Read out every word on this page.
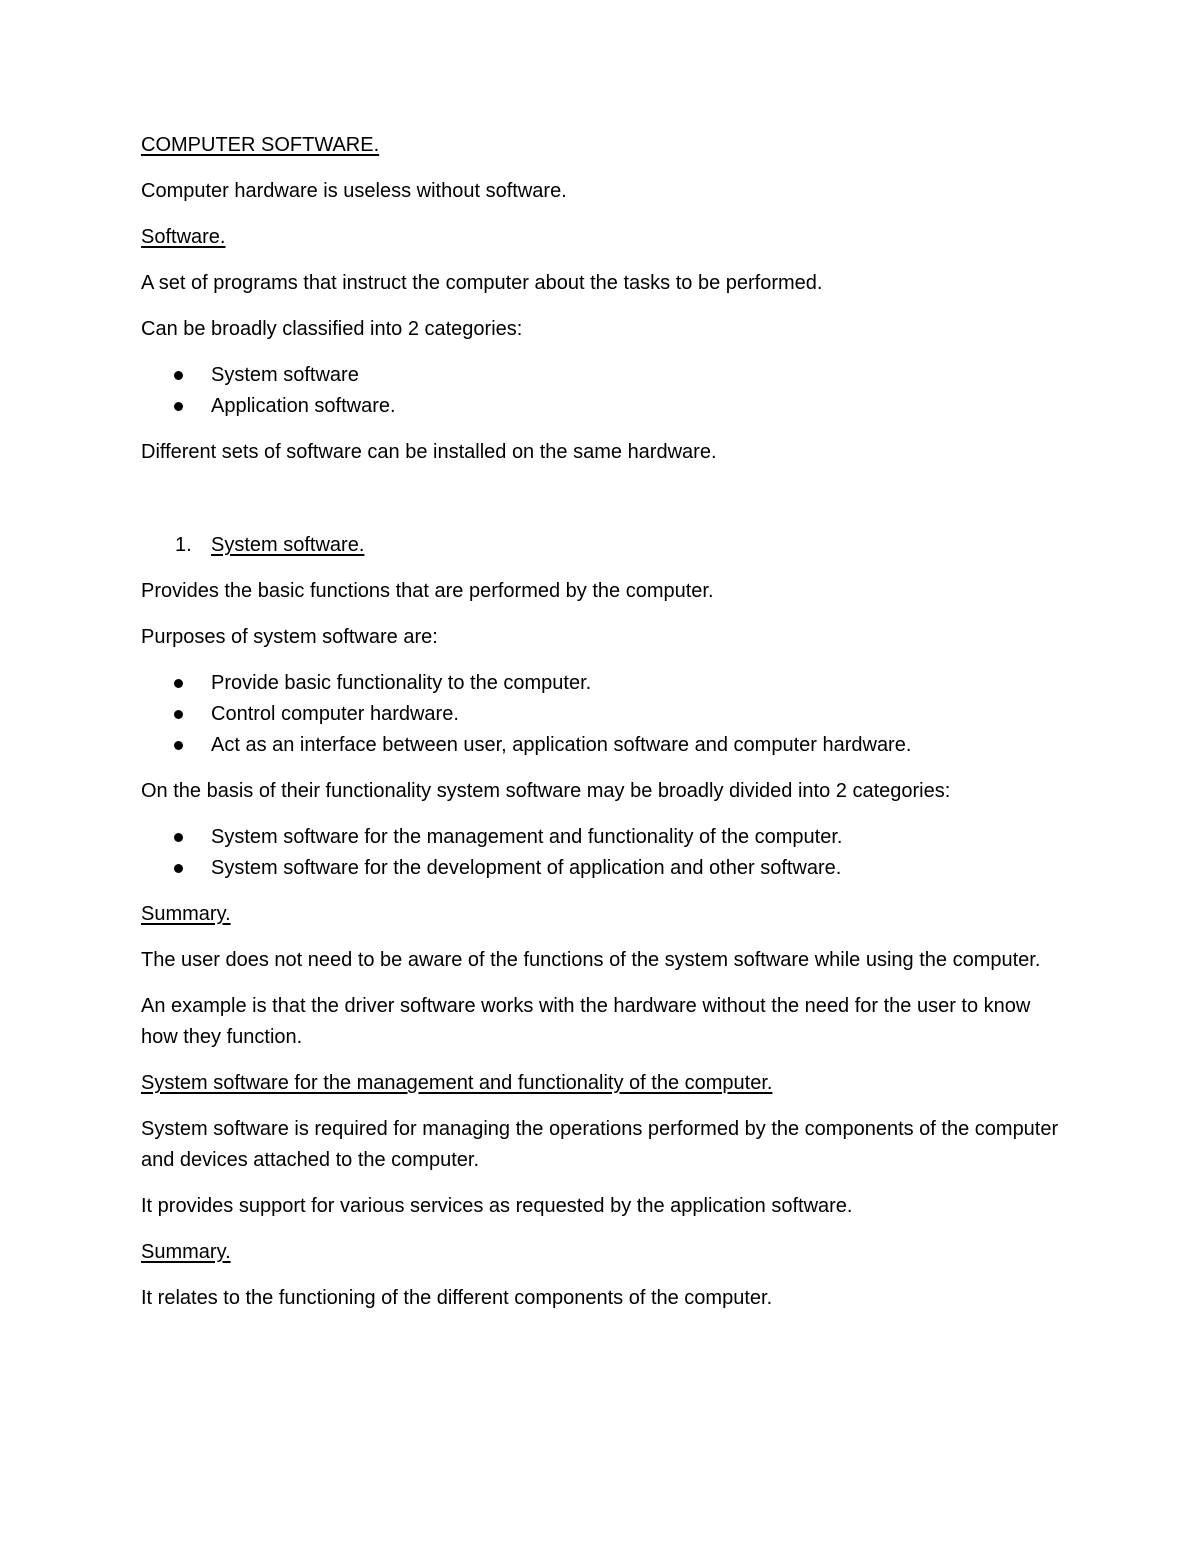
COMPUTER SOFTWARE.

Computer hardware is useless without software.

Software.

A set of programs that instruct the computer about the tasks to be performed.

Can be broadly classified into 2 categories:

System software
Application software.

Different sets of software can be installed on the same hardware.

1. System software.

Provides the basic functions that are performed by the computer.

Purposes of system software are:

Provide basic functionality to the computer.
Control computer hardware.
Act as an interface between user, application software and computer hardware.

On the basis of their functionality system software may be broadly divided into 2 categories:

System software for the management and functionality of the computer.
System software for the development of application and other software.

Summary.

The user does not need to be aware of the functions of the system software while using the computer.

An example is that the driver software works with the hardware without the need for the user to know how they function.

System software for the management and functionality of the computer.

System software is required for managing the operations performed by the components of the computer and devices attached to the computer.

It provides support for various services as requested by the application software.

Summary.

It relates to the functioning of the different components of the computer.
